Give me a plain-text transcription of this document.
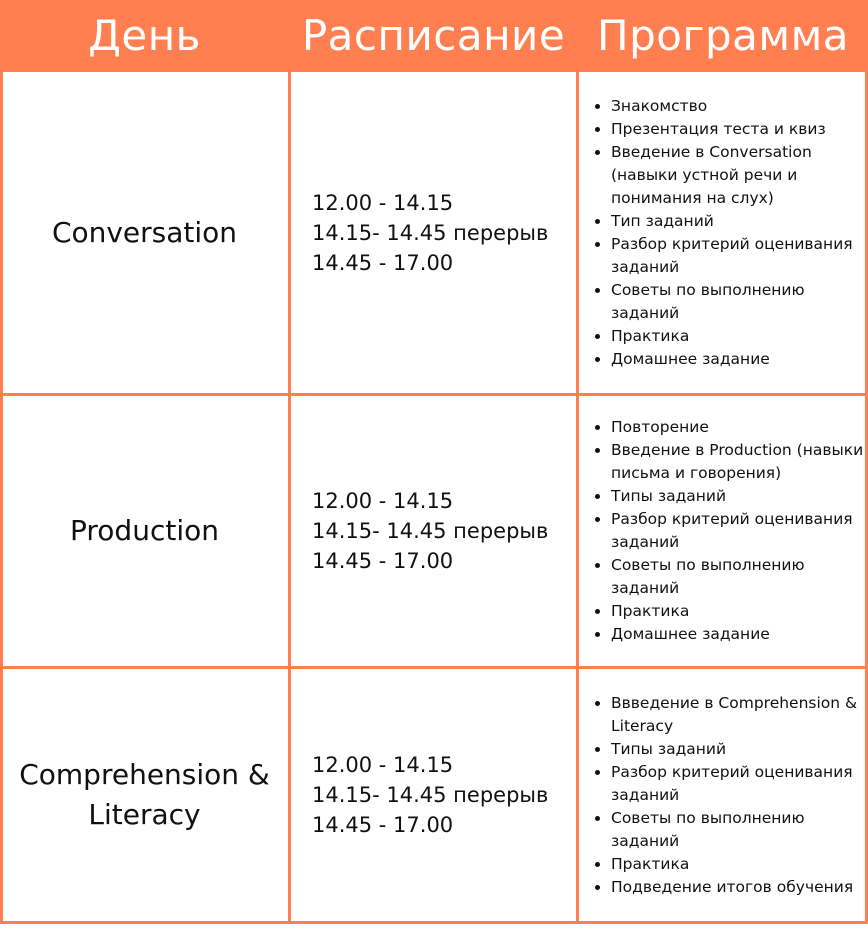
День	Расписание Программа
Conversation
12.00 - 14.15
14.15- 14.45 перерыв
14.45 - 17.00
• Знакомство
• Презентация теста и квиз
• Введение в Conversation (навыки устной речи и понимания на слух)
• Тип заданий
• Разбор критерий оценивания заданий
• Советы по выполнению заданий
• Практика
• Домашнее задание
Production
12.00 - 14.15
14.15- 14.45 перерыв
14.45 - 17.00
• Повторение
• Введение в Production (навыки письма и говорения)
• Типы заданий
• Разбор критерий оценивания заданий
• Советы по выполнению заданий
• Практика
• Домашнее задание
Comprehension &
Literacy
12.00 - 14.15
14.15- 14.45 перерыв
14.45 - 17.00
• Ввведение в Comprehension & Literacy
• Типы заданий
• Разбор критерий оценивания заданий
• Советы по выполнению заданий
• Практика
• Подведение итогов обучения
